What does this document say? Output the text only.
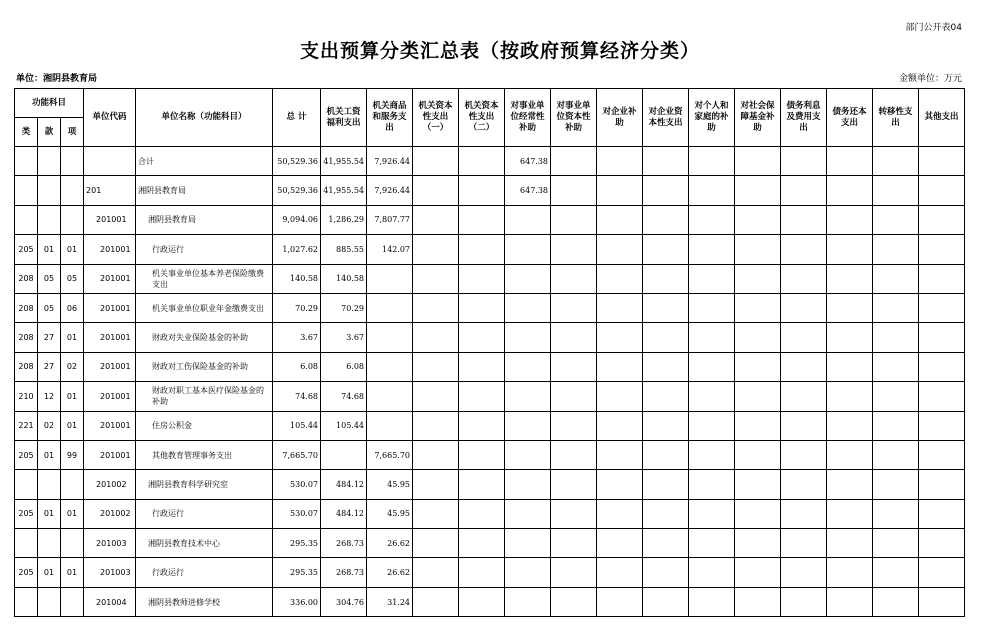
部门公开表04
支出预算分类汇总表（按政府预算经济分类）
单位：湘阴县教育局	金额单位：万元
功能科目			单位代码	单位名称（功能科目）	总 计	机关工资福利支出	机关商品和服务支出	机关资本性支出（一）	机关资本性支出（二）	对事业单位经常性补助	对事业单位资本性补助	对企业补助	对企业资本性支出	对个人和家庭的补助	对社会保障基金补助	债务利息及费用支出	债务还本支出	转移性支出	其他支出
类	款	项																	
				合计	50,529.36	41,955.54	7,926.44			647.38									
			201	湘阴县教育局	50,529.36	41,955.54	7,926.44			647.38									
			201001	湘阴县教育局	9,094.06	1,286.29	7,807.77												
205	01	01	201001	行政运行	1,027.62	885.55	142.07												
208	05	05	201001	机关事业单位基本养老保险缴费支出	140.58	140.58													
208	05	06	201001	机关事业单位职业年金缴费支出	70.29	70.29													
208	27	01	201001	财政对失业保险基金的补助	3.67	3.67													
208	27	02	201001	财政对工伤保险基金的补助	6.08	6.08													
210	12	01	201001	财政对职工基本医疗保险基金的补助	74.68	74.68													
221	02	01	201001	住房公积金	105.44	105.44													
205	01	99	201001	其他教育管理事务支出	7,665.70		7,665.70												
			201002	湘阴县教育科学研究室	530.07	484.12	45.95												
205	01	01	201002	行政运行	530.07	484.12	45.95												
			201003	湘阴县教育技术中心	295.35	268.73	26.62												
205	01	01	201003	行政运行	295.35	268.73	26.62												
			201004	湘阴县教师进修学校	336.00	304.76	31.24												
